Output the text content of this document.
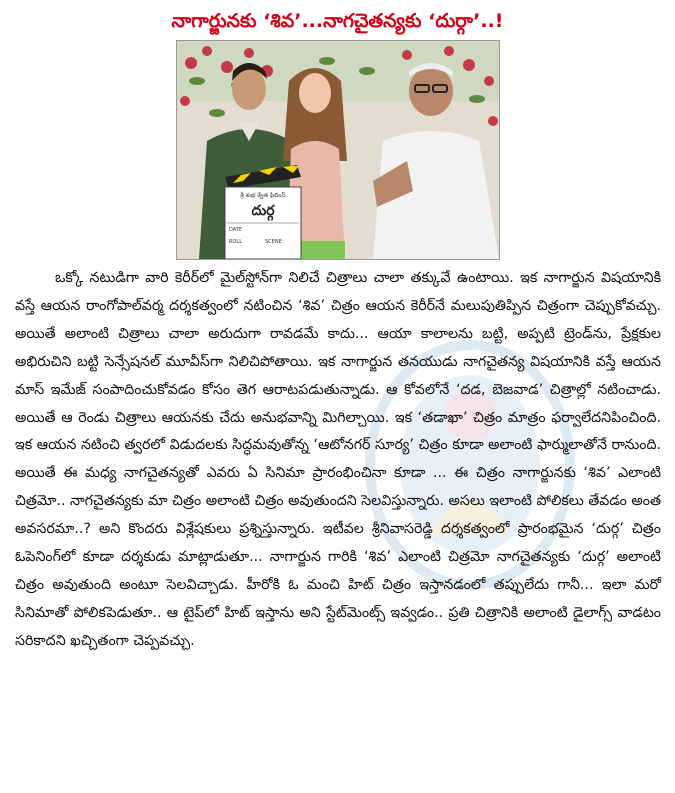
నాగార్జునకు ‘శివ’...నాగచైతన్యకు ‘దుర్గా’..!
శ్రీ శుభ శ్వేత ఫిలింస్
దుర్గ
DATE
ROLL	SCENE
ఒక్కో నటుడిగా వారి కెరీర్‌లో మైల్‌స్టోన్‌గా నిలిచే చిత్రాలు చాలా తక్కువే ఉంటాయి. ఇక నాగార్జున విషయానికి వస్తే ఆయన రాంగోపాల్‌వర్మ దర్శకత్వంలో నటించిన ‘శివ’ చిత్రం ఆయన కెరీర్‌నే మలుపుతిప్పిన చిత్రంగా చెప్పుకోవచ్చు. అయితే అలాంటి చిత్రాలు చాలా అరుదుగా రావడమే కాదు... ఆయా కాలాలను బట్టి, అప్పటి ట్రెండ్‌ను, ప్రేక్షకుల అభిరుచిని బట్టి సెన్సేషనల్ మూవీస్‌గా నిలిచిపోతాయి. ఇక నాగార్జున తనయుడు నాగచైతన్య విషయానికి వస్తే ఆయన మాస్ ఇమేజ్ సంపాదించుకోవడం కోసం తెగ ఆరాటపడుతున్నాడు. ఆ కోవలోనే ‘దడ, బెజవాడ’ చిత్రాల్లో నటించాడు. అయితే ఆ రెండు చిత్రాలు ఆయనకు చేదు అనుభవాన్ని మిగిల్చాయి. ఇక ‘తడాఖా’ చిత్రం మాత్రం ఫర్వాలేదనిపించింది. ఇక ఆయన నటించి త్వరలో విడుదలకు సిద్ధమవుతోన్న ‘ఆటోనగర్ సూర్య’ చిత్రం కూడా అలాంటి ఫార్ములాతోనే రానుంది. అయితే ఈ మధ్య నాగచైతన్యతో ఎవరు ఏ సినిమా ప్రారంభించినా కూడా ... ఈ చిత్రం నాగార్జునకు ‘శివ’ ఎలాంటి చిత్రమో.. నాగచైతన్యకు మా చిత్రం అలాంటి చిత్రం అవుతుందని సెలవిస్తున్నారు. అసలు ఇలాంటి పోలికలు తేవడం అంత అవసరమా..? అని కొందరు విశ్లేషకులు ప్రశ్నిస్తున్నారు. ఇటీవల శ్రీనివాసరెడ్డి దర్శకత్వంలో ప్రారంభమైన ‘దుర్గ’ చిత్రం ఓపెనింగ్‌లో కూడా దర్శకుడు మాట్లాడుతూ... నాగార్జున గారికి ‘శివ’ ఎలాంటి చిత్రమో నాగచైతన్యకు ‘దుర్గ’ అలాంటి చిత్రం అవుతుంది అంటూ సెలవిచ్చాడు. హీరోకి ఓ మంచి హిట్ చిత్రం ఇస్తానడంలో తప్పులేదు గానీ... ఇలా మరో సినిమాతో పోలికపెడుతూ.. ఆ టైప్‌లో హిట్ ఇస్తాను అని స్టేట్‌మెంట్స్ ఇవ్వడం.. ప్రతి చిత్రానికి అలాంటి డైలాగ్స్ వాడటం సరికాదని ఖచ్చితంగా చెప్పవచ్చు.
